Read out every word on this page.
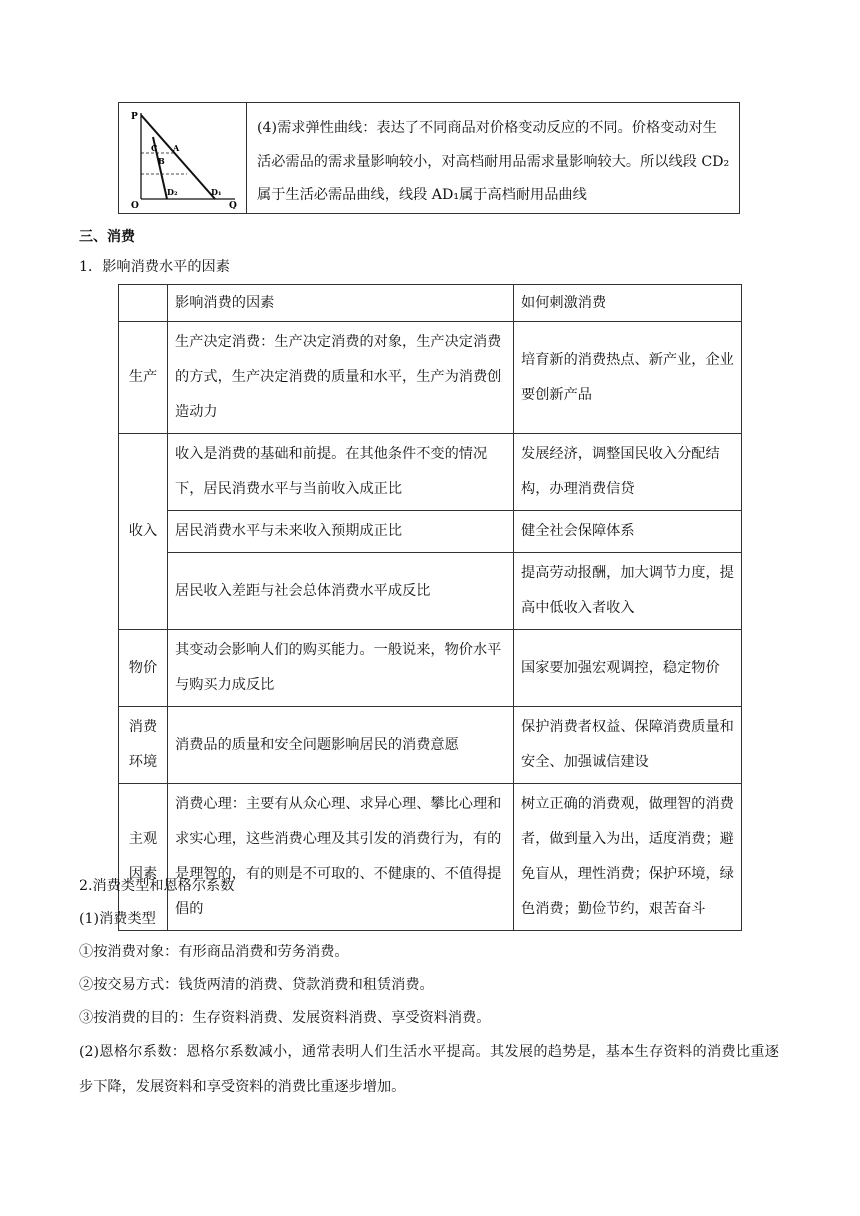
P
Q
O
A
B
C
D₁
D₂
(4)需求弹性曲线：表达了不同商品对价格变动反应的不同。价格变动对生活必需品的需求量影响较小，对高档耐用品需求量影响较大。所以线段 CD₂属于生活必需品曲线，线段 AD₁属于高档耐用品曲线
三、消费
1．影响消费水平的因素
	影响消费的因素	如何刺激消费
生产	生产决定消费：生产决定消费的对象，生产决定消费的方式，生产决定消费的质量和水平，生产为消费创造动力	培育新的消费热点、新产业，企业要创新产品
收入	收入是消费的基础和前提。在其他条件不变的情况下，居民消费水平与当前收入成正比	发展经济，调整国民收入分配结构，办理消费信贷
	居民消费水平与未来收入预期成正比	健全社会保障体系
	居民收入差距与社会总体消费水平成反比	提高劳动报酬，加大调节力度，提高中低收入者收入
物价	其变动会影响人们的购买能力。一般说来，物价水平与购买力成反比	国家要加强宏观调控，稳定物价
消费环境	消费品的质量和安全问题影响居民的消费意愿	保护消费者权益、保障消费质量和安全、加强诚信建设
主观因素	消费心理：主要有从众心理、求异心理、攀比心理和求实心理，这些消费心理及其引发的消费行为，有的是理智的，有的则是不可取的、不健康的、不值得提倡的	树立正确的消费观，做理智的消费者，做到量入为出，适度消费；避免盲从，理性消费；保护环境，绿色消费；勤俭节约，艰苦奋斗
2.消费类型和恩格尔系数
(1)消费类型
①按消费对象：有形商品消费和劳务消费。
②按交易方式：钱货两清的消费、贷款消费和租赁消费。
③按消费的目的：生存资料消费、发展资料消费、享受资料消费。
(2)恩格尔系数：恩格尔系数减小，通常表明人们生活水平提高。其发展的趋势是，基本生存资料的消费比重逐步下降，发展资料和享受资料的消费比重逐步增加。
